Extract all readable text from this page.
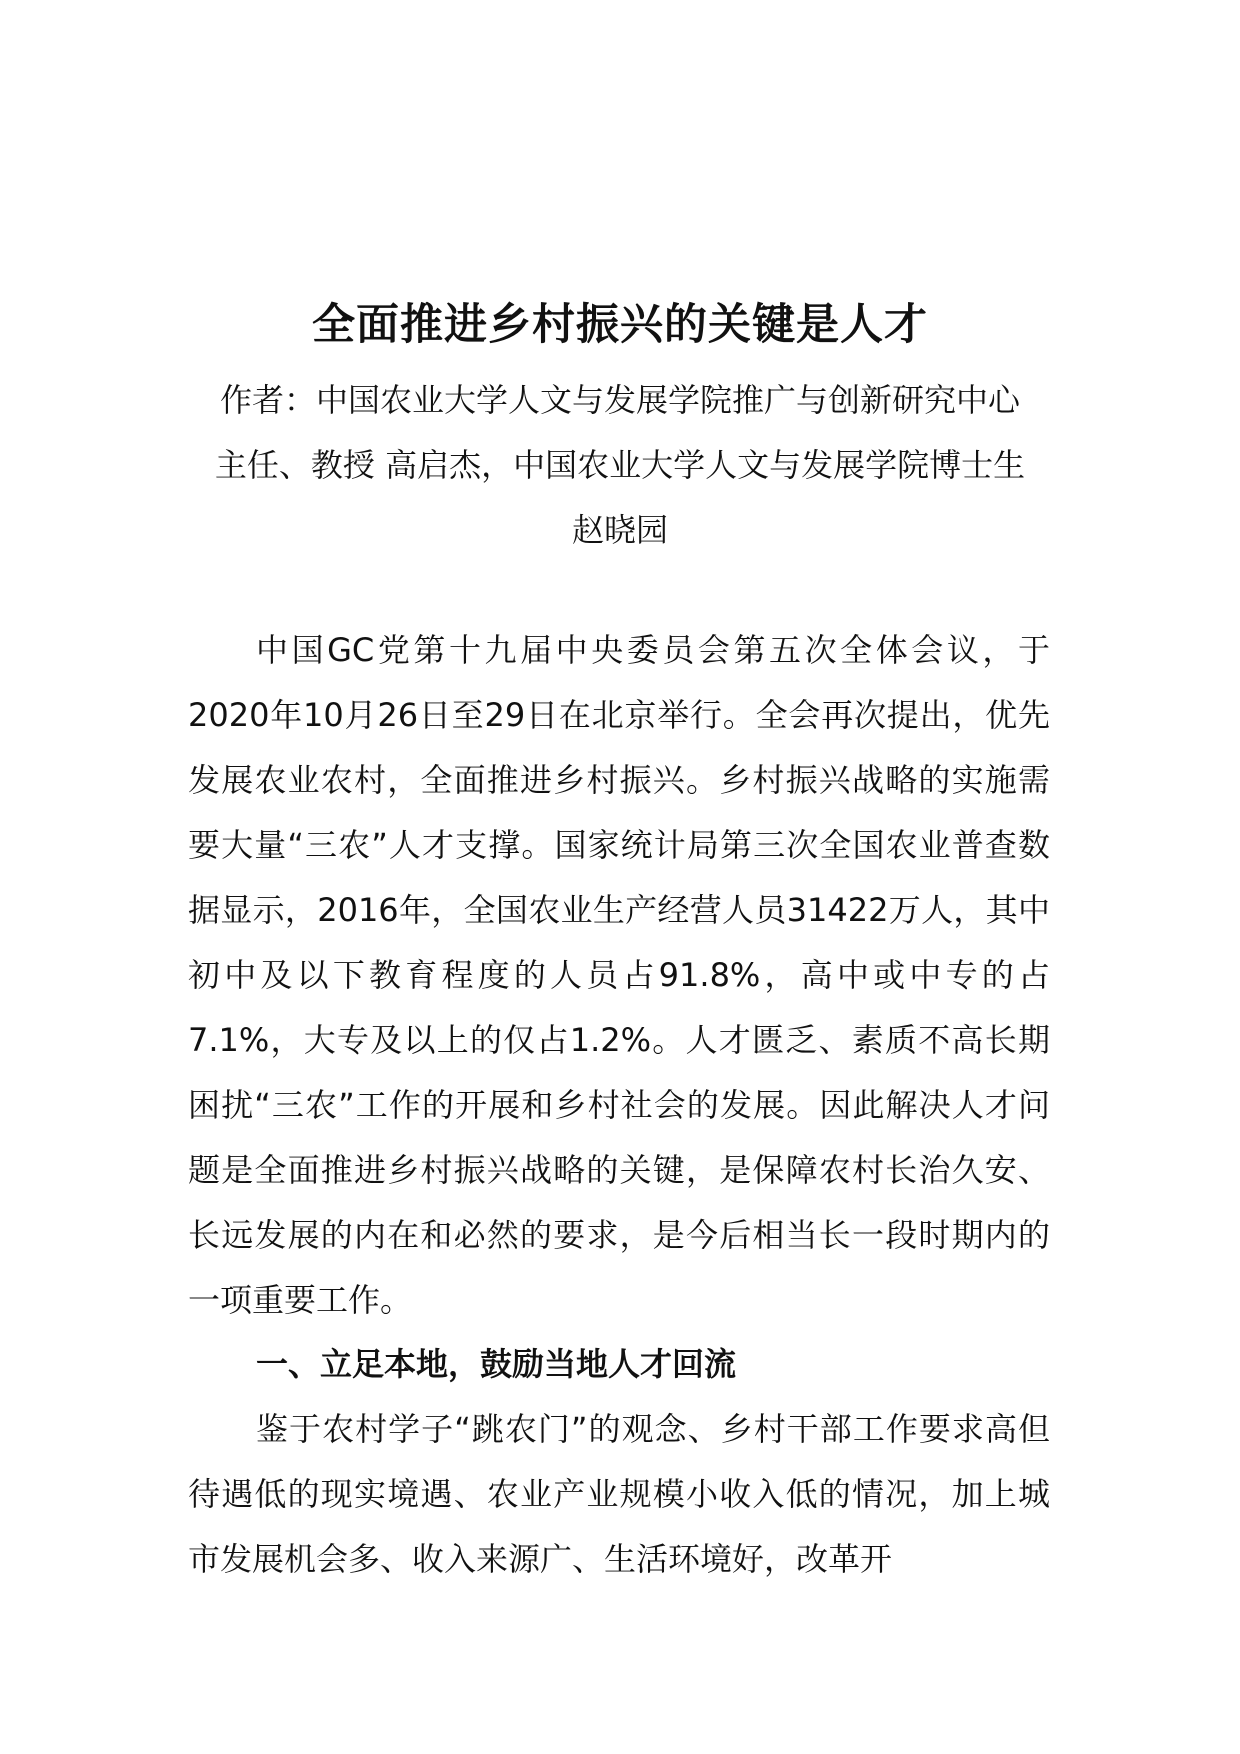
全面推进乡村振兴的关键是人才
作者：中国农业大学人文与发展学院推广与创新研究中心
主任、教授 高启杰，中国农业大学人文与发展学院博士生
赵晓园

中国GC党第十九届中央委员会第五次全体会议，于2020年10月26日至29日在北京举行。全会再次提出，优先发展农业农村，全面推进乡村振兴。乡村振兴战略的实施需要大量“三农”人才支撑。国家统计局第三次全国农业普查数据显示，2016年，全国农业生产经营人员31422万人，其中初中及以下教育程度的人员占91.8%，高中或中专的占7.1%，大专及以上的仅占1.2%。人才匮乏、素质不高长期困扰“三农”工作的开展和乡村社会的发展。因此解决人才问题是全面推进乡村振兴战略的关键，是保障农村长治久安、长远发展的内在和必然的要求，是今后相当长一段时期内的一项重要工作。

一、立足本地，鼓励当地人才回流

鉴于农村学子“跳农门”的观念、乡村干部工作要求高但待遇低的现实境遇、农业产业规模小收入低的情况，加上城市发展机会多、收入来源广、生活环境好，改革开
